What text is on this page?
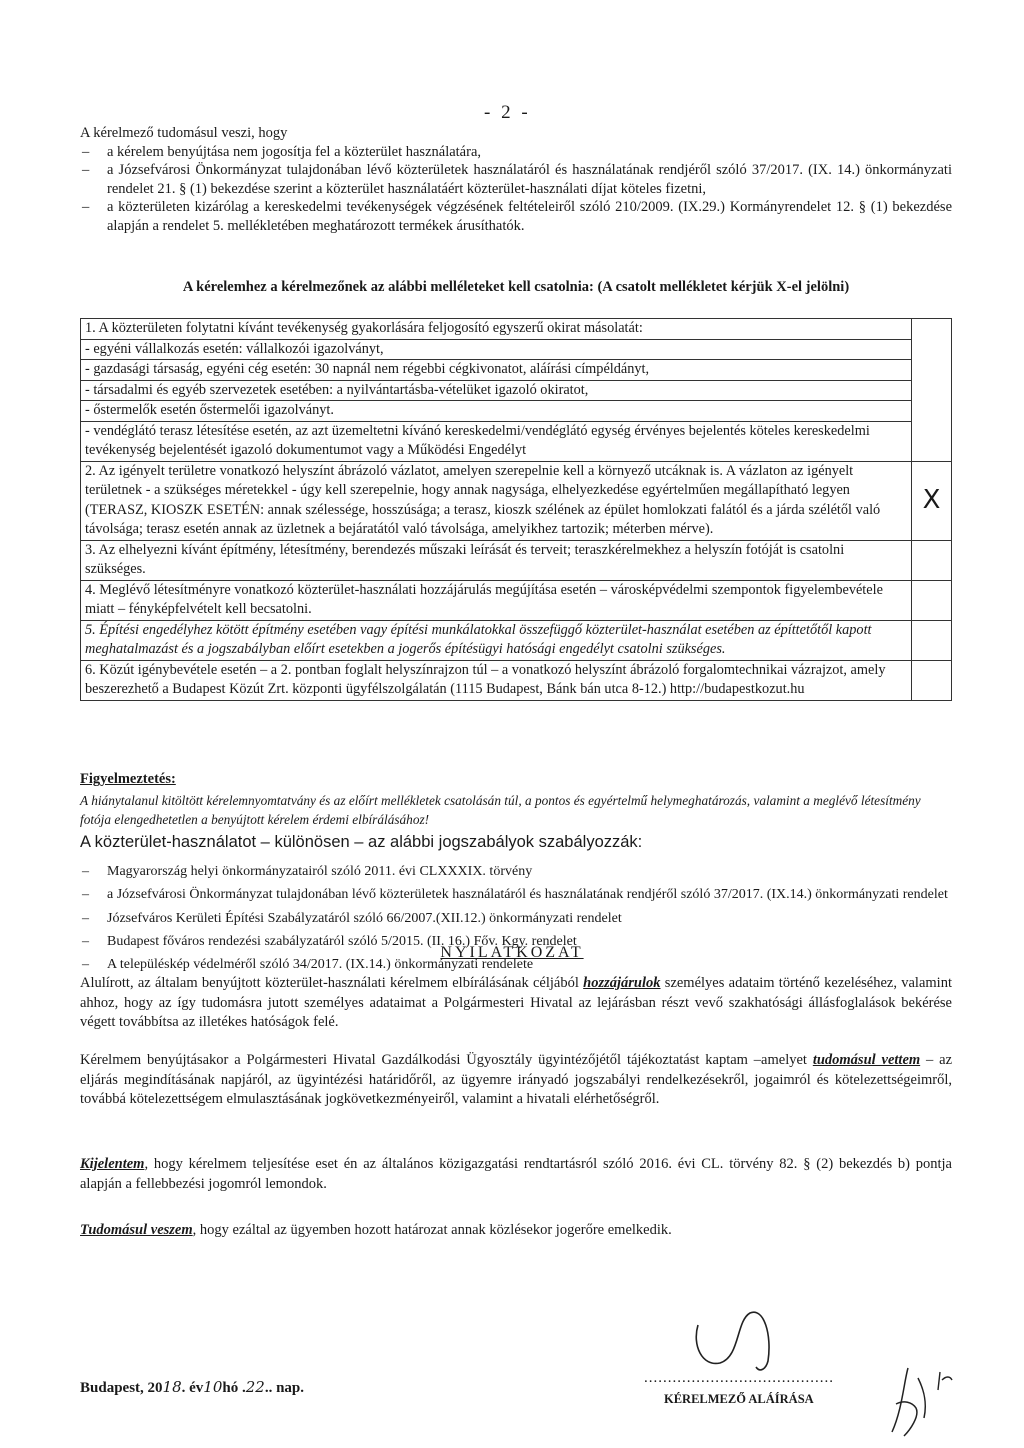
- 2 -
A kérelmező tudomásul veszi, hogy
– a kérelem benyújtása nem jogosítja fel a közterület használatára,
– a Józsefvárosi Önkormányzat tulajdonában lévő közterületek használatáról és használatának rendjéről szóló 37/2017. (IX. 14.) önkormányzati rendelet 21. § (1) bekezdése szerint a közterület használatáért közterület-használati díjat köteles fizetni,
– a közterületen kizárólag a kereskedelmi tevékenységek végzésének feltételeiről szóló 210/2009. (IX.29.) Kormányrendelet 12. § (1) bekezdése alapján a rendelet 5. mellékletében meghatározott termékek árusíthatók.
A kérelemhez a kérelmezőnek az alábbi melléleteket kell csatolnia: (A csatolt mellékletet kérjük X-el jelölni)
1. A közterületen folytatni kívánt tevékenység gyakorlására feljogosító egyszerű okirat másolatát:	
- egyéni vállalkozás esetén: vállalkozói igazolványt,	
- gazdasági társaság, egyéni cég esetén: 30 napnál nem régebbi cégkivonatot, aláírási címpéldányt,	
- társadalmi és egyéb szervezetek esetében: a nyilvántartásba-vételüket igazoló okiratot,	
- őstermelők esetén őstermelői igazolványt.	
- vendéglátó terasz létesítése esetén, az azt üzemeltetni kívánó kereskedelmi/vendéglátó egység érvényes bejelentés köteles kereskedelmi tevékenység bejelentését igazoló dokumentumot vagy a Működési Engedélyt	
2. Az igényelt területre vonatkozó helyszínt ábrázoló vázlatot, amelyen szerepelnie kell a környező utcáknak is. A vázlaton az igényelt területnek - a szükséges méretekkel - úgy kell szerepelnie, hogy annak nagysága, elhelyezkedése egyértelműen megállapítható legyen (TERASZ, KIOSZK ESETÉN: annak szélessége, hosszúsága; a terasz, kioszk szélének az épület homlokzati falától és a járda szélétől való távolsága; terasz esetén annak az üzletnek a bejáratától való távolsága, amelyikhez tartozik; méterben mérve).	X
3. Az elhelyezni kívánt építmény, létesítmény, berendezés műszaki leírását és terveit; teraszkérelmekhez a helyszín fotóját is csatolni szükséges.	
4. Meglévő létesítményre vonatkozó közterület-használati hozzájárulás megújítása esetén – városképvédelmi szempontok figyelembevétele miatt – fényképfelvételt kell becsatolni.	
5. Építési engedélyhez kötött építmény esetében vagy építési munkálatokkal összefüggő közterület-használat esetében az építtetőtől kapott meghatalmazást és a jogszabályban előírt esetekben a jogerős építésügyi hatósági engedélyt csatolni szükséges.	
6. Közút igénybevétele esetén – a 2. pontban foglalt helyszínrajzon túl – a vonatkozó helyszínt ábrázoló forgalomtechnikai vázrajzot, amely beszerezhető a Budapest Közút Zrt. központi ügyfélszolgálatán (1115 Budapest, Bánk bán utca 8-12.) http://budapestkozut.hu	
Figyelmeztetés:
A hiánytalanul kitöltött kérelemnyomtatvány és az előírt mellékletek csatolásán túl, a pontos és egyértelmű helymeghatározás, valamint a meglévő létesítmény fotója elengedhetetlen a benyújtott kérelem érdemi elbírálásához!
A közterület-használatot – különösen – az alábbi jogszabályok szabályozzák:
– Magyarország helyi önkormányzatairól szóló 2011. évi CLXXXIX. törvény
– a Józsefvárosi Önkormányzat tulajdonában lévő közterületek használatáról és használatának rendjéről szóló 37/2017. (IX.14.) önkormányzati rendelet
– Józsefváros Kerületi Építési Szabályzatáról szóló 66/2007.(XII.12.) önkormányzati rendelet
– Budapest főváros rendezési szabályzatáról szóló 5/2015. (II. 16.) Főv. Kgy. rendelet
– A településkép védelméről szóló 34/2017. (IX.14.) önkormányzati rendelete
NYILATKOZAT
Alulírott, az általam benyújtott közterület-használati kérelmem elbírálásának céljából hozzájárulok személyes adataim történő kezeléséhez, valamint ahhoz, hogy az így tudomásra jutott személyes adataimat a Polgármesteri Hivatal az lejárásban részt vevő szakhatósági állásfoglalások bekérése végett továbbítsa az illetékes hatóságok felé.
Kérelmem benyújtásakor a Polgármesteri Hivatal Gazdálkodási Ügyosztály ügyintézőjétől tájékoztatást kaptam –amelyet tudomásul vettem – az eljárás megindításának napjáról, az ügyintézési határidőről, az ügyemre irányadó jogszabályi rendelkezésekről, jogaimról és kötelezettségeimről, továbbá kötelezettségem elmulasztásának jogkövetkezményeiről, valamint a hivatali elérhetőségről.
Kijelentem, hogy kérelmem teljesítése eset én az általános közigazgatási rendtartásról szóló 2016. évi CL. törvény 82. § (2) bekezdés b) pontja alapján a fellebbezési jogomról lemondok.
Tudomásul veszem, hogy ezáltal az ügyemben hozott határozat annak közlésekor jogerőre emelkedik.
Budapest, 2018. év10hó .22.. nap.
........................................
KÉRELMEZŐ ALÁÍRÁSA
